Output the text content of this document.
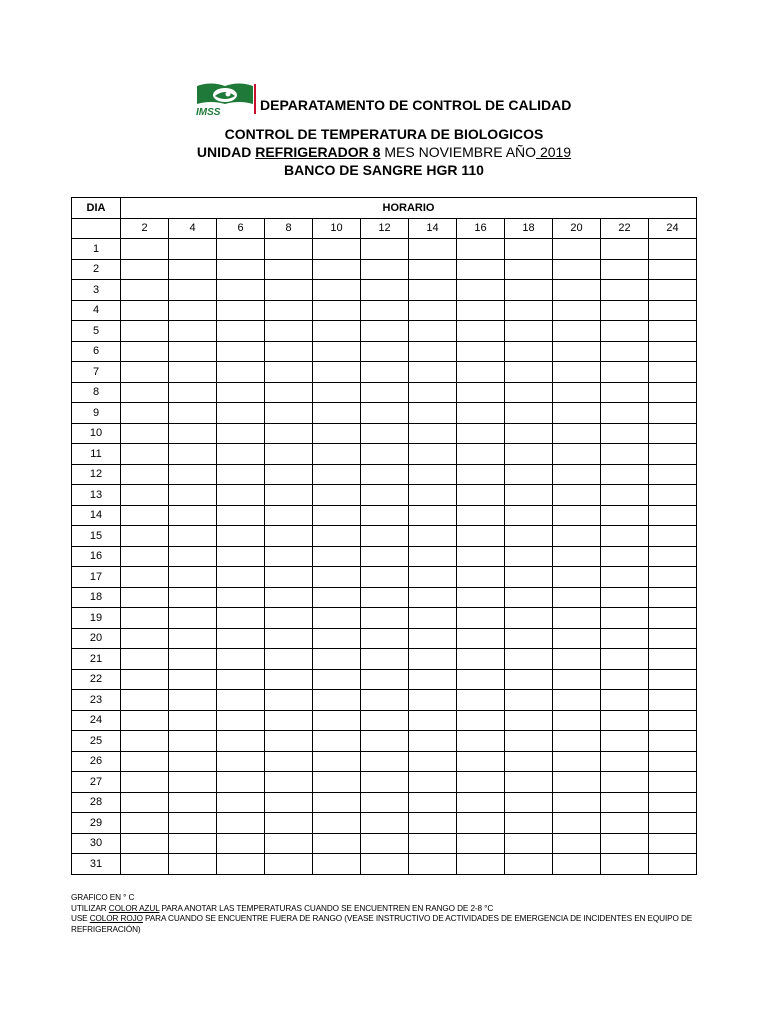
IMSS	DEPARATAMENTO DE CONTROL DE CALIDAD
CONTROL DE TEMPERATURA DE BIOLOGICOS
UNIDAD REFRIGERADOR 8 MES NOVIEMBRE AÑO 2019
BANCO DE SANGRE HGR 110
DIA	HORARIO											
	2	4	6	8	10	12	14	16	18	20	22	24
1												
2												
3												
4												
5												
6												
7												
8												
9												
10												
11												
12												
13												
14												
15												
16												
17												
18												
19												
20												
21												
22												
23												
24												
25												
26												
27												
28												
29												
30												
31												
GRAFICO EN ° C
UTILIZAR COLOR AZUL PARA ANOTAR LAS TEMPERATURAS CUANDO SE ENCUENTREN EN RANGO DE 2-8 °C
USE COLOR ROJO PARA CUANDO SE ENCUENTRE FUERA DE RANGO (VEASE INSTRUCTIVO DE ACTIVIDADES DE EMERGENCIA DE INCIDENTES EN EQUIPO DE REFRIGERACIÓN)
